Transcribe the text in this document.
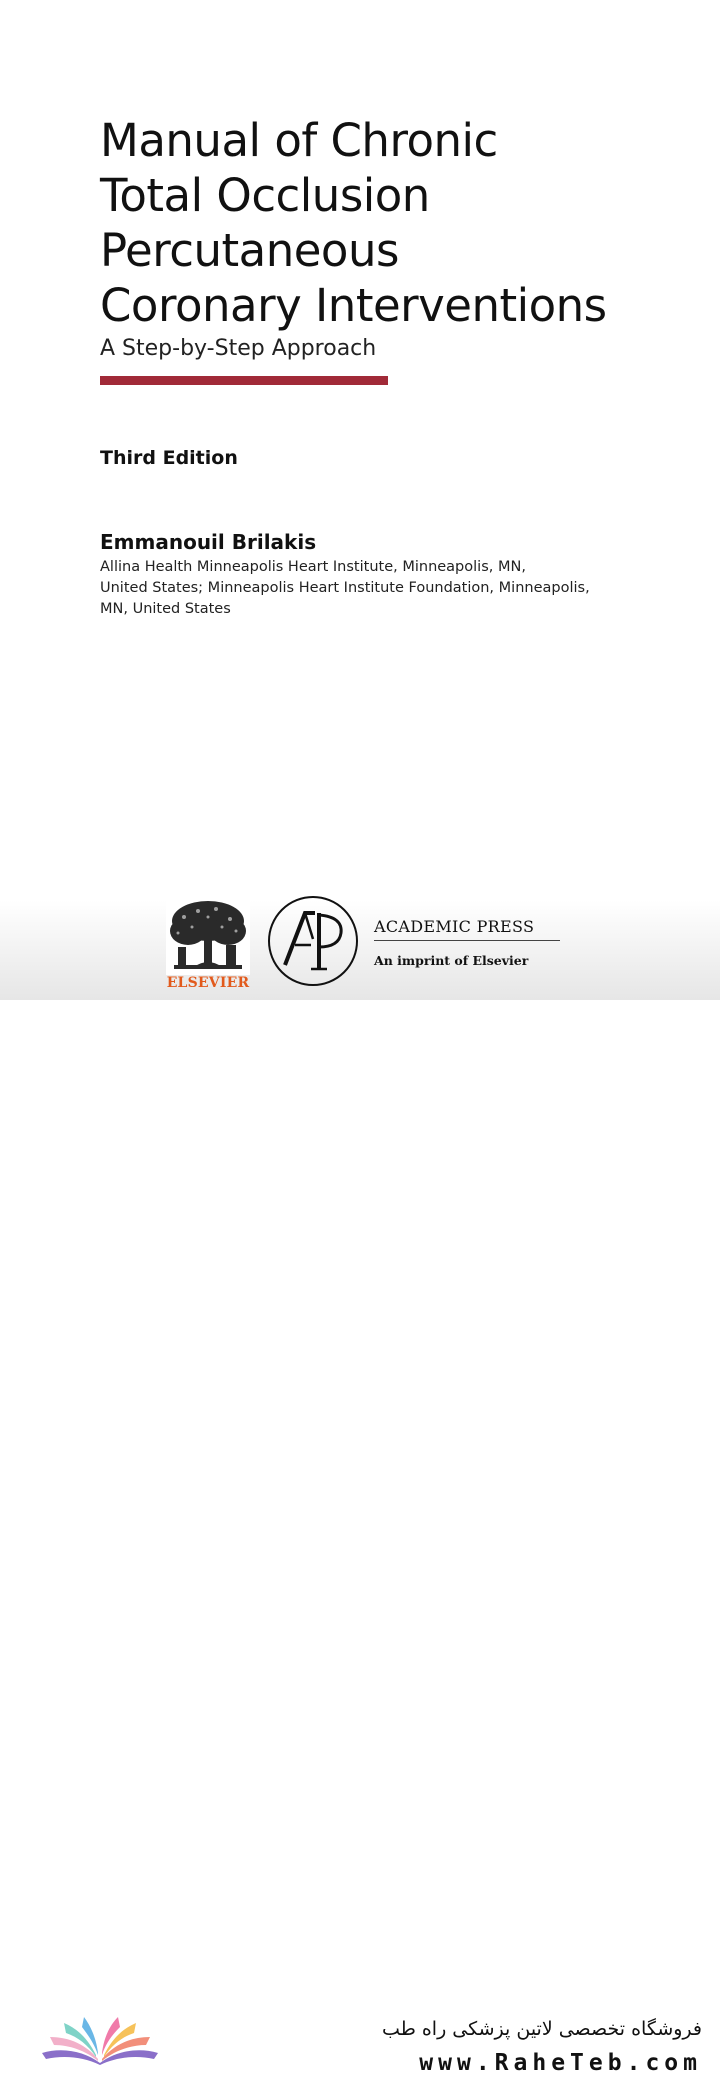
Manual of Chronic
Total Occlusion
Percutaneous
Coronary Interventions
A Step-by-Step Approach
Third Edition
Emmanouil Brilakis
Allina Health Minneapolis Heart Institute, Minneapolis, MN,
United States; Minneapolis Heart Institute Foundation, Minneapolis,
MN, United States
ELSEVIER
ACADEMIC PRESS
An imprint of Elsevier
فروشگاه تخصصی لاتین پزشکی راه طب
www.RaheTeb.com
